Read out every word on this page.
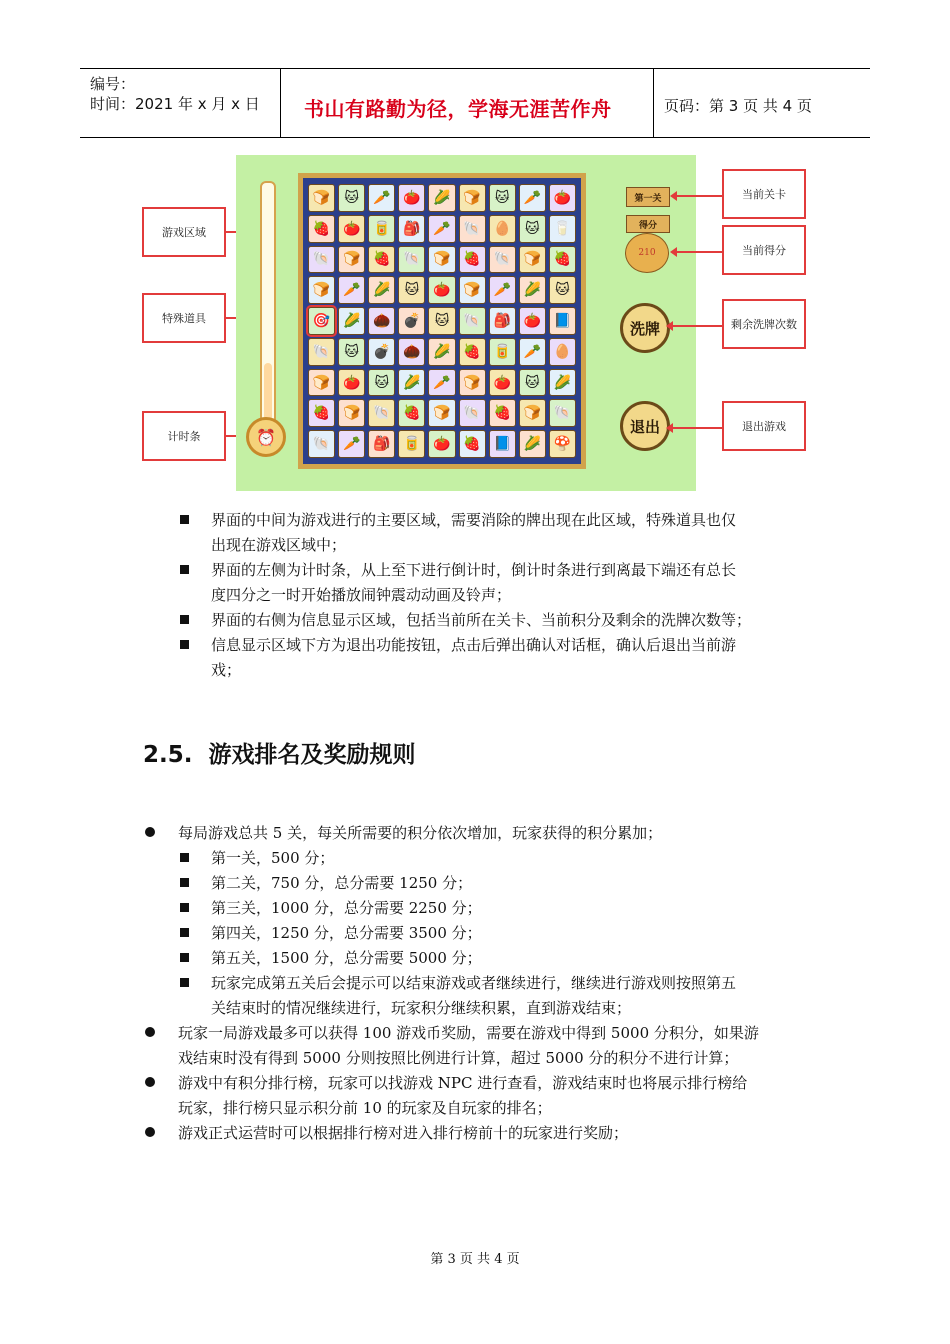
编号：
时间：2021 年 x 月 x 日 书山有路勤为径，学海无涯苦作舟	页码：第 3 页 共 4 页
游戏区域
特殊道具
计时条	⏰
🍞	🐱	🥕 🍅 🌽 🍞	🐱	🥕 🍅
🍓 🍅 🥫 🎒 🥕 🐚 🥚	🐱	🥛
🐚 🍞 🍓 🐚 🍞 🍓 🐚 🍞 🍓
🍞 🥕 🌽	🐱	🍅 🍞 🥕 🌽	🐱
🎯 🌽 🌰 💣	🐱	🐚 🎒 🍅 📘
🐚	🐱	💣 🌰 🌽 🍓 🥫 🥕 🥚
🍞 🍅	🐱	🌽 🥕 🍞 🍅	🐱	🌽
🍓 🍞 🐚 🍓 🍞 🐚 🍓 🍞 🐚
🐚 🥕 🎒 🥫 🍅 🍓 📘 🌽 🍄
第一关
得分
210
洗牌
退出
当前关卡
当前得分
剩余洗牌次数
退出游戏
界面的中间为游戏进行的主要区域，需要消除的牌出现在此区域，特殊道具也仅
出现在游戏区域中；
界面的左侧为计时条，从上至下进行倒计时，倒计时条进行到离最下端还有总长
度四分之一时开始播放闹钟震动动画及铃声；
界面的右侧为信息显示区域，包括当前所在关卡、当前积分及剩余的洗牌次数等；
信息显示区域下方为退出功能按钮，点击后弹出确认对话框，确认后退出当前游
戏；
2.5. 游戏排名及奖励规则
每局游戏总共 5 关，每关所需要的积分依次增加，玩家获得的积分累加；
第一关，500 分；
第二关，750 分，总分需要 1250 分；
第三关，1000 分，总分需要 2250 分；
第四关，1250 分，总分需要 3500 分；
第五关，1500 分，总分需要 5000 分；
玩家完成第五关后会提示可以结束游戏或者继续进行，继续进行游戏则按照第五
关结束时的情况继续进行，玩家积分继续积累，直到游戏结束；
玩家一局游戏最多可以获得 100 游戏币奖励，需要在游戏中得到 5000 分积分，如果游
戏结束时没有得到 5000 分则按照比例进行计算，超过 5000 分的积分不进行计算；
游戏中有积分排行榜，玩家可以找游戏 NPC 进行查看，游戏结束时也将展示排行榜给
玩家，排行榜只显示积分前 10 的玩家及自玩家的排名；
游戏正式运营时可以根据排行榜对进入排行榜前十的玩家进行奖励；
第 3 页 共 4 页
